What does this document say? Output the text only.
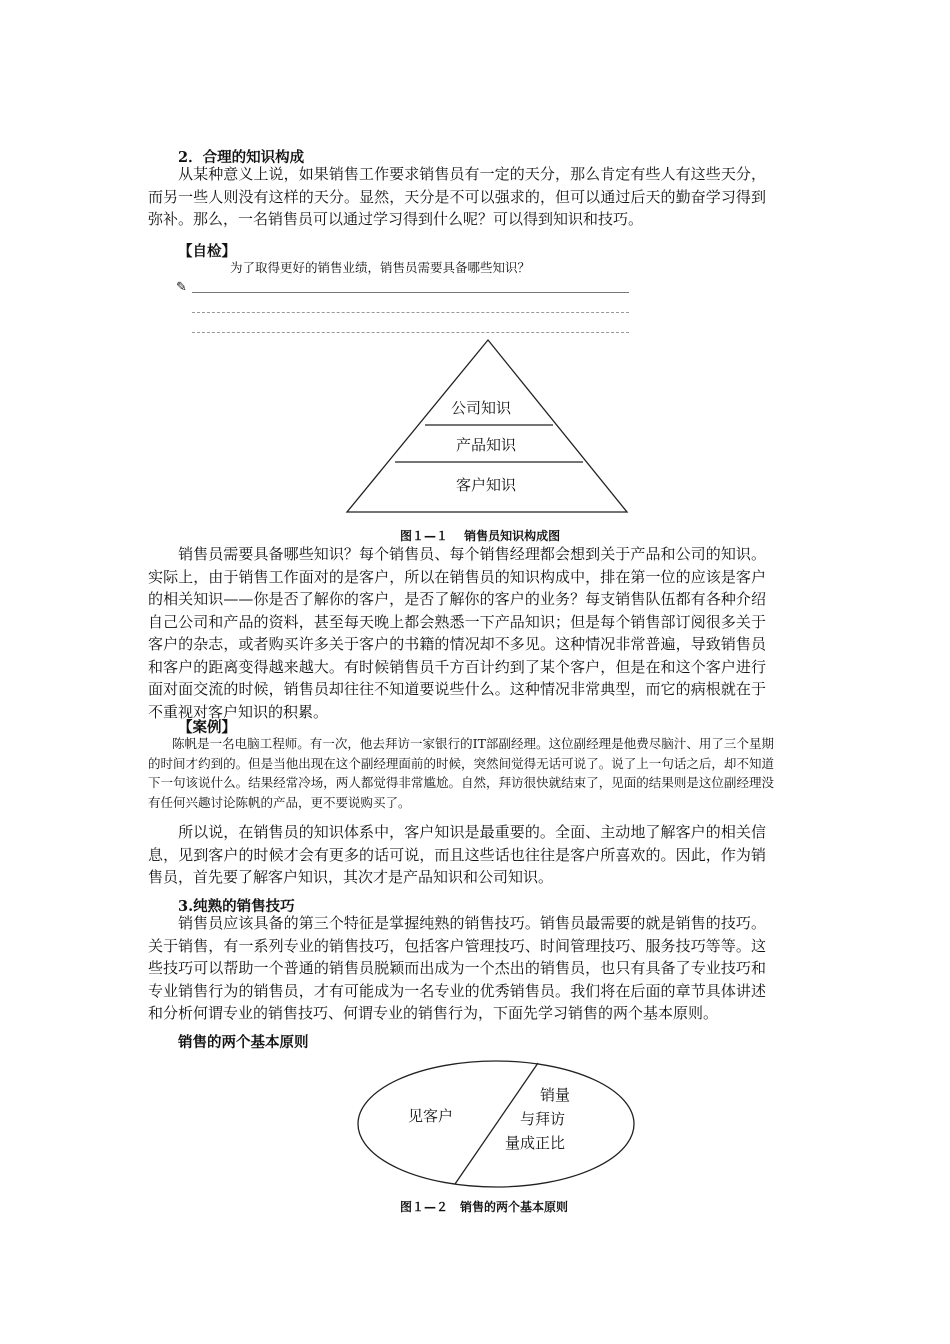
2．合理的知识构成
从某种意义上说，如果销售工作要求销售员有一定的天分，那么肯定有些人有这些天分，而另一些人则没有这样的天分。显然，天分是不可以强求的，但可以通过后天的勤奋学习得到弥补。那么，一名销售员可以通过学习得到什么呢？可以得到知识和技巧。
【自检】
为了取得更好的销售业绩，销售员需要具备哪些知识？
✎
公司知识
产品知识
客户知识
图１—１　 销售员知识构成图
销售员需要具备哪些知识？每个销售员、每个销售经理都会想到关于产品和公司的知识。实际上，由于销售工作面对的是客户，所以在销售员的知识构成中，排在第一位的应该是客户的相关知识——你是否了解你的客户，是否了解你的客户的业务？每支销售队伍都有各种介绍自己公司和产品的资料，甚至每天晚上都会熟悉一下产品知识；但是每个销售部订阅很多关于客户的杂志，或者购买许多关于客户的书籍的情况却不多见。这种情况非常普遍，导致销售员和客户的距离变得越来越大。有时候销售员千方百计约到了某个客户，但是在和这个客户进行面对面交流的时候，销售员却往往不知道要说些什么。这种情况非常典型，而它的病根就在于不重视对客户知识的积累。
【案例】
陈帆是一名电脑工程师。有一次，他去拜访一家银行的IT部副经理。这位副经理是他费尽脑汁、用了三个星期的时间才约到的。但是当他出现在这个副经理面前的时候，突然间觉得无话可说了。说了上一句话之后，却不知道下一句该说什么。结果经常冷场，两人都觉得非常尴尬。自然，拜访很快就结束了，见面的结果则是这位副经理没有任何兴趣讨论陈帆的产品，更不要说购买了。
所以说，在销售员的知识体系中，客户知识是最重要的。全面、主动地了解客户的相关信息，见到客户的时候才会有更多的话可说，而且这些话也往往是客户所喜欢的。因此，作为销售员，首先要了解客户知识，其次才是产品知识和公司知识。
3.纯熟的销售技巧
销售员应该具备的第三个特征是掌握纯熟的销售技巧。销售员最需要的就是销售的技巧。关于销售，有一系列专业的销售技巧，包括客户管理技巧、时间管理技巧、服务技巧等等。这些技巧可以帮助一个普通的销售员脱颖而出成为一个杰出的销售员，也只有具备了专业技巧和专业销售行为的销售员，才有可能成为一名专业的优秀销售员。我们将在后面的章节具体讲述和分析何谓专业的销售技巧、何谓专业的销售行为，下面先学习销售的两个基本原则。
销售的两个基本原则
见客户
销量
与拜访
量成正比
图１—２　销售的两个基本原则
